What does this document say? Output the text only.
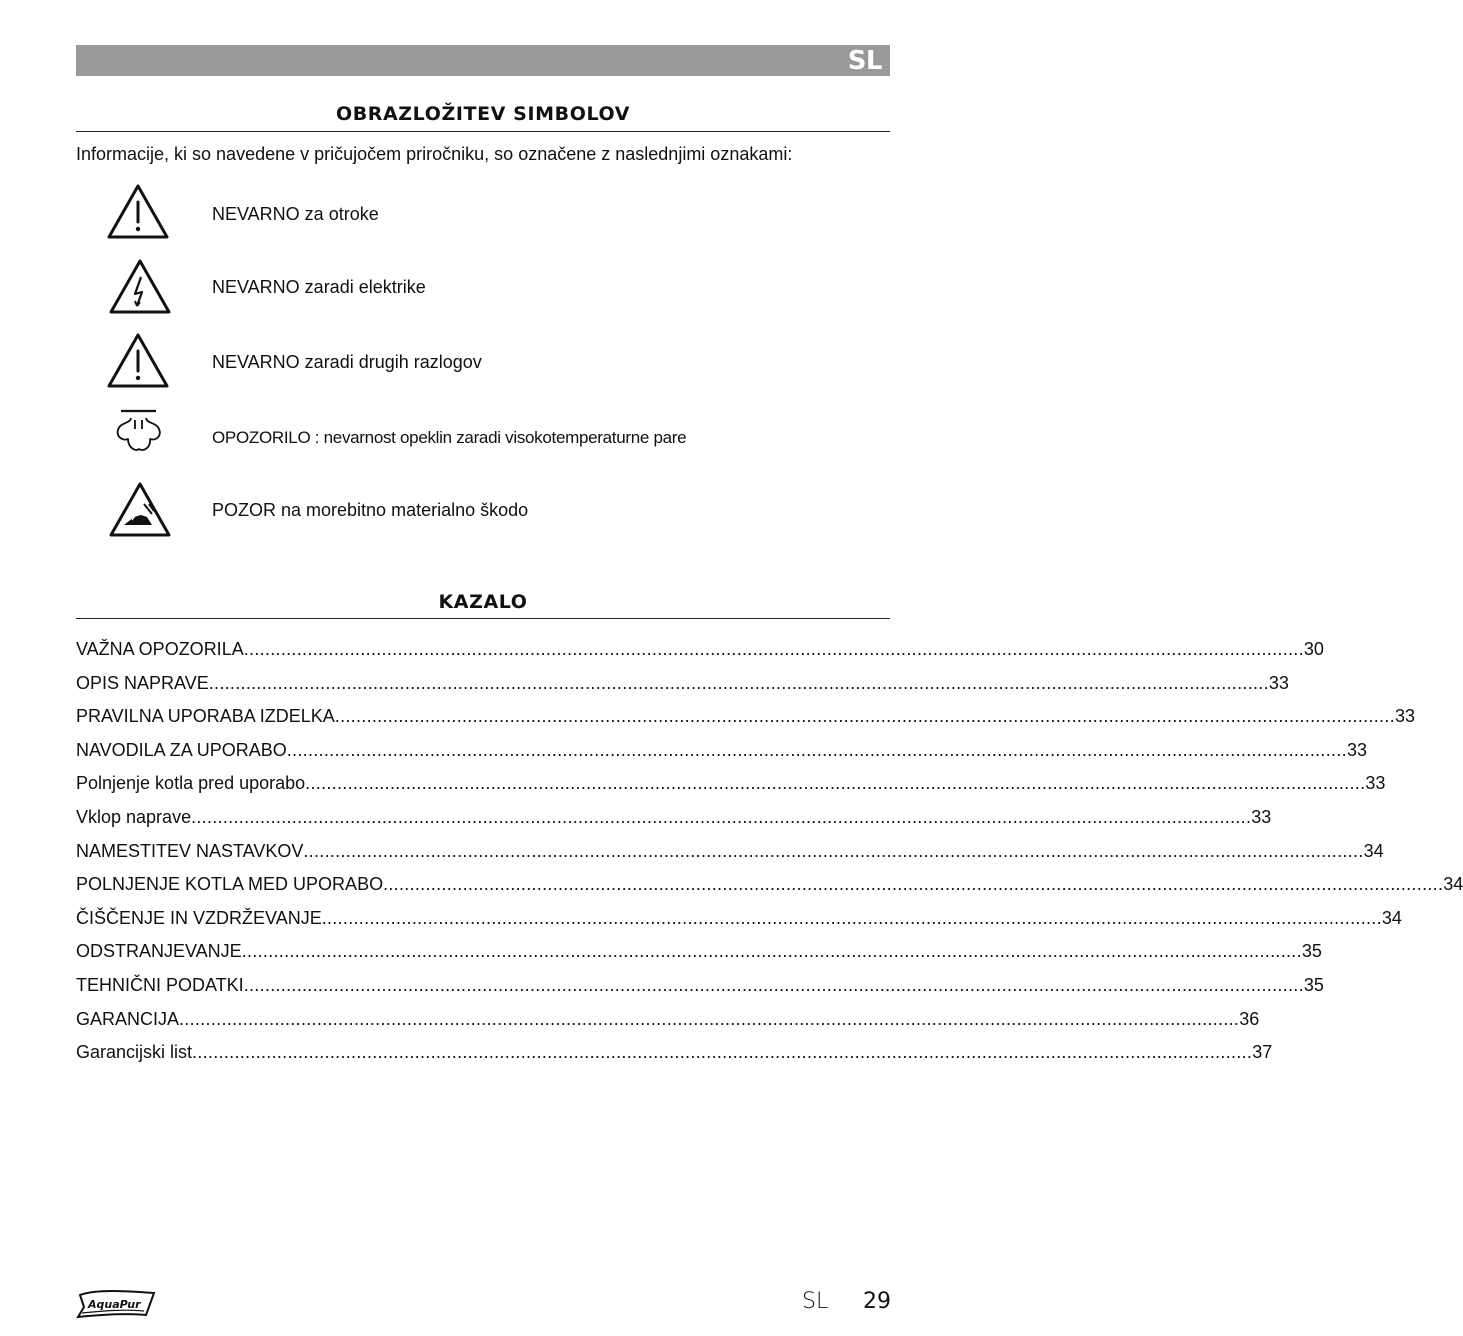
SL
OBRAZLOŽITEV SIMBOLOV
Informacije, ki so navedene v pričujočem priročniku, so označene z naslednjimi oznakami:
NEVARNO za otroke
NEVARNO zaradi elektrike
NEVARNO zaradi drugih razlogov
OPOZORILO : nevarnost opeklin zaradi visokotemperaturne pare
POZOR na morebitno materialno škodo
KAZALO
VAŽNA OPOZORILA ........................................................................................................................................................................................................ 30
OPIS NAPRAVE ........................................................................................................................................................................................................ 33
PRAVILNA UPORABA IZDELKA ........................................................................................................................................................................................................ 33
NAVODILA ZA UPORABO ........................................................................................................................................................................................................ 33
Polnjenje kotla pred uporabo ........................................................................................................................................................................................................ 33
Vklop naprave ........................................................................................................................................................................................................ 33
NAMESTITEV NASTAVKOV ........................................................................................................................................................................................................ 34
POLNJENJE KOTLA MED UPORABO ........................................................................................................................................................................................................ 34
ČIŠČENJE IN VZDRŽEVANJE ........................................................................................................................................................................................................ 34
ODSTRANJEVANJE ........................................................................................................................................................................................................ 35
TEHNIČNI PODATKI ........................................................................................................................................................................................................ 35
GARANCIJA ........................................................................................................................................................................................................ 36
Garancijski list ........................................................................................................................................................................................................ 37
AquaPur	SL 29
